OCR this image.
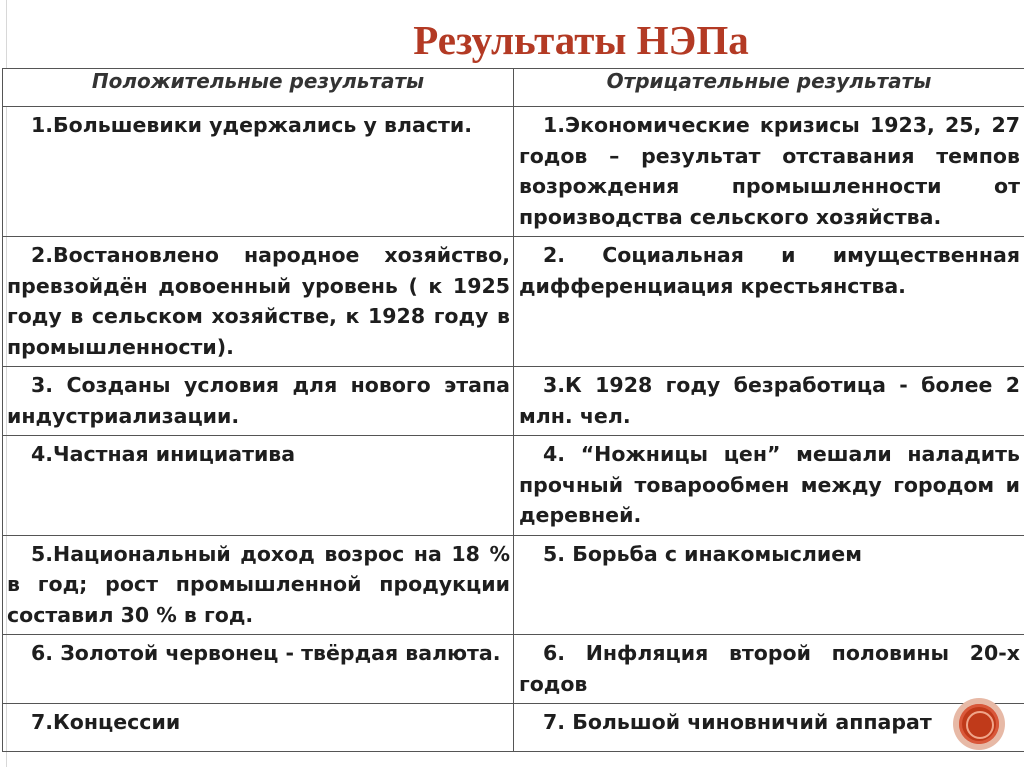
Результаты НЭПа
Положительные результаты	Отрицательные результаты

1.Большевики удержались у власти.	1.Экономические кризисы 1923, 25, 27 годов – результат отставания темпов возрождения промышленности от производства сельского хозяйства.

2.Востановлено народное хозяйство, превзойдён довоенный уровень ( к 1925 году в сельском хозяйстве, к 1928 году в промышленности).	2. Социальная и имущественная дифференциация крестьянства.

3. Созданы условия для нового этапа индустриализации.	3.К 1928 году безработица - более 2 млн. чел.

4.Частная инициатива	4. “Ножницы цен” мешали наладить прочный товарообмен между городом и деревней.

5.Национальный доход возрос на 18 % в год; рост промышленной продукции составил 30 % в год.	5. Борьба с инакомыслием

6. Золотой червонец - твёрдая валюта.	6. Инфляция второй половины 20-х годов

7.Концессии	7. Большой чиновничий аппарат
